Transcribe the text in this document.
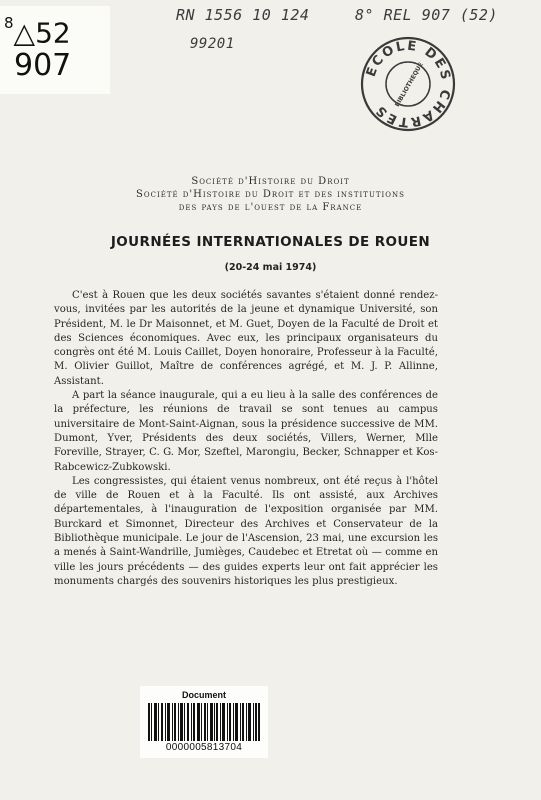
$^8$△52
907
RN 1556 10 124	8° REL 907 (52)
99201
ECOLE DES CHARTES
BIBLIOTHEQUE
Société d'Histoire du Droit
Société d'Histoire du Droit et des institutions
des pays de l'ouest de la France
JOURNÉES INTERNATIONALES DE ROUEN
(20-24 mai 1974)

C'est à Rouen que les deux sociétés savantes s'étaient donné rendez-vous, invitées par les autorités de la jeune et dynamique Université, son Président, M. le Dr Maisonnet, et M. Guet, Doyen de la Faculté de Droit et des Sciences économiques. Avec eux, les principaux organisateurs du congrès ont été M. Louis Caillet, Doyen honoraire, Professeur à la Faculté, M. Olivier Guillot, Maître de conférences agrégé, et M. J. P. Allinne, Assistant.

A part la séance inaugurale, qui a eu lieu à la salle des conférences de la préfecture, les réunions de travail se sont tenues au campus universitaire de Mont-Saint-Aignan, sous la présidence successive de MM. Dumont, Yver, Présidents des deux sociétés, Villers, Werner, Mlle Foreville, Strayer, C. G. Mor, Szeftel, Marongiu, Becker, Schnapper et Kos-Rabcewicz-Zubkowski.

Les congressistes, qui étaient venus nombreux, ont été reçus à l'hôtel de ville de Rouen et à la Faculté. Ils ont assisté, aux Archives départementales, à l'inauguration de l'exposition organisée par MM. Burckard et Simonnet, Directeur des Archives et Conservateur de la Bibliothèque municipale. Le jour de l'Ascension, 23 mai, une excursion les a menés à Saint-Wandrille, Jumièges, Caudebec et Etretat où — comme en ville les jours précédents — des guides experts leur ont fait apprécier les monuments chargés des souvenirs historiques les plus prestigieux.

Document
0000005813704
